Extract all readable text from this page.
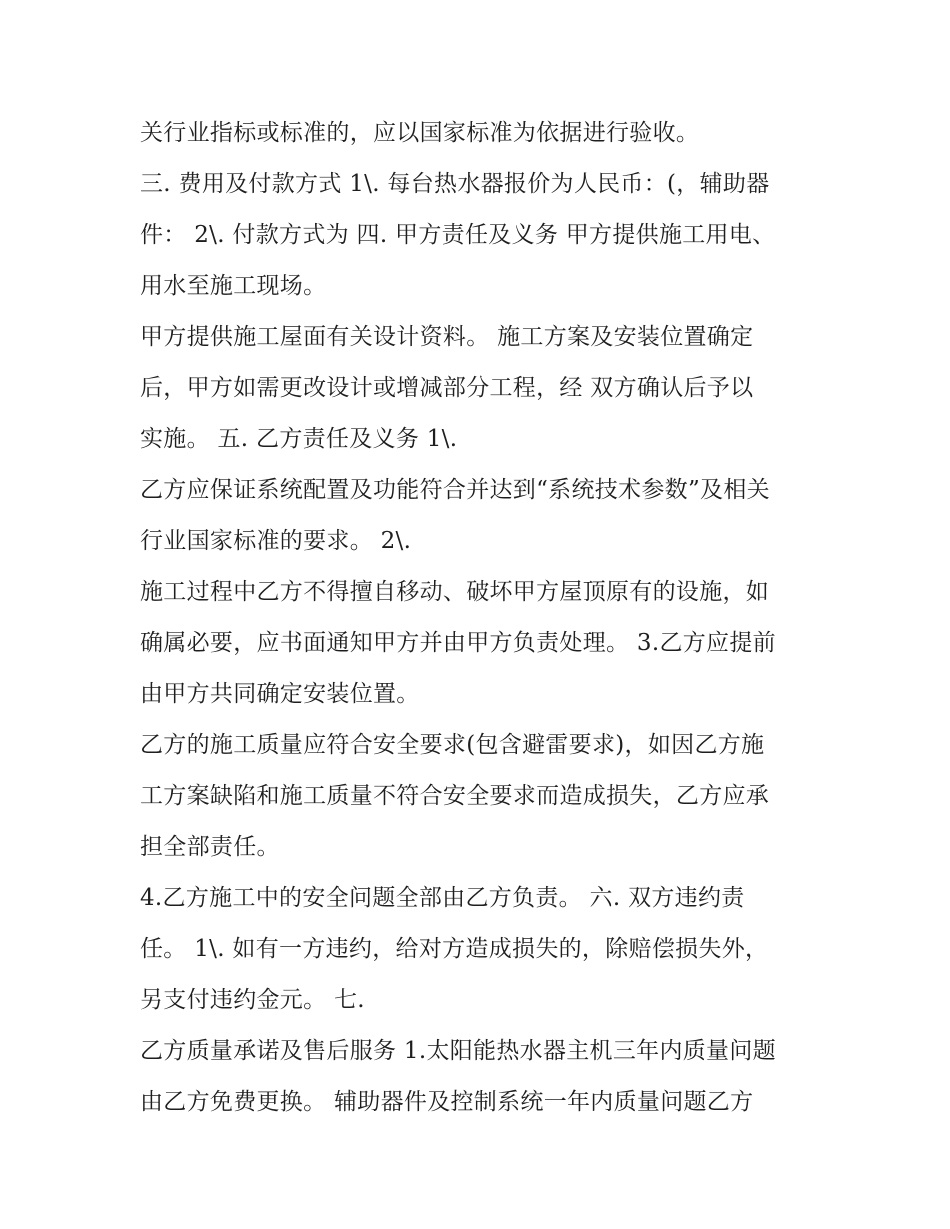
关行业指标或标准的，应以国家标准为依据进行验收。
三. 费用及付款方式 1\. 每台热水器报价为人民币：(，辅助器
件： 2\. 付款方式为 四. 甲方责任及义务 甲方提供施工用电、
用水至施工现场。
甲方提供施工屋面有关设计资料。 施工方案及安装位置确定
后，甲方如需更改设计或增减部分工程，经 双方确认后予以
实施。 五. 乙方责任及义务 1\.
乙方应保证系统配置及功能符合并达到“系统技术参数”及相关
行业国家标准的要求。 2\.
施工过程中乙方不得擅自移动、破坏甲方屋顶原有的设施，如
确属必要，应书面通知甲方并由甲方负责处理。 3.乙方应提前
由甲方共同确定安装位置。
乙方的施工质量应符合安全要求(包含避雷要求)，如因乙方施
工方案缺陷和施工质量不符合安全要求而造成损失，乙方应承
担全部责任。
4.乙方施工中的安全问题全部由乙方负责。 六. 双方违约责
任。 1\. 如有一方违约，给对方造成损失的，除赔偿损失外，
另支付违约金元。 七.
乙方质量承诺及售后服务 1.太阳能热水器主机三年内质量问题
由乙方免费更换。 辅助器件及控制系统一年内质量问题乙方
